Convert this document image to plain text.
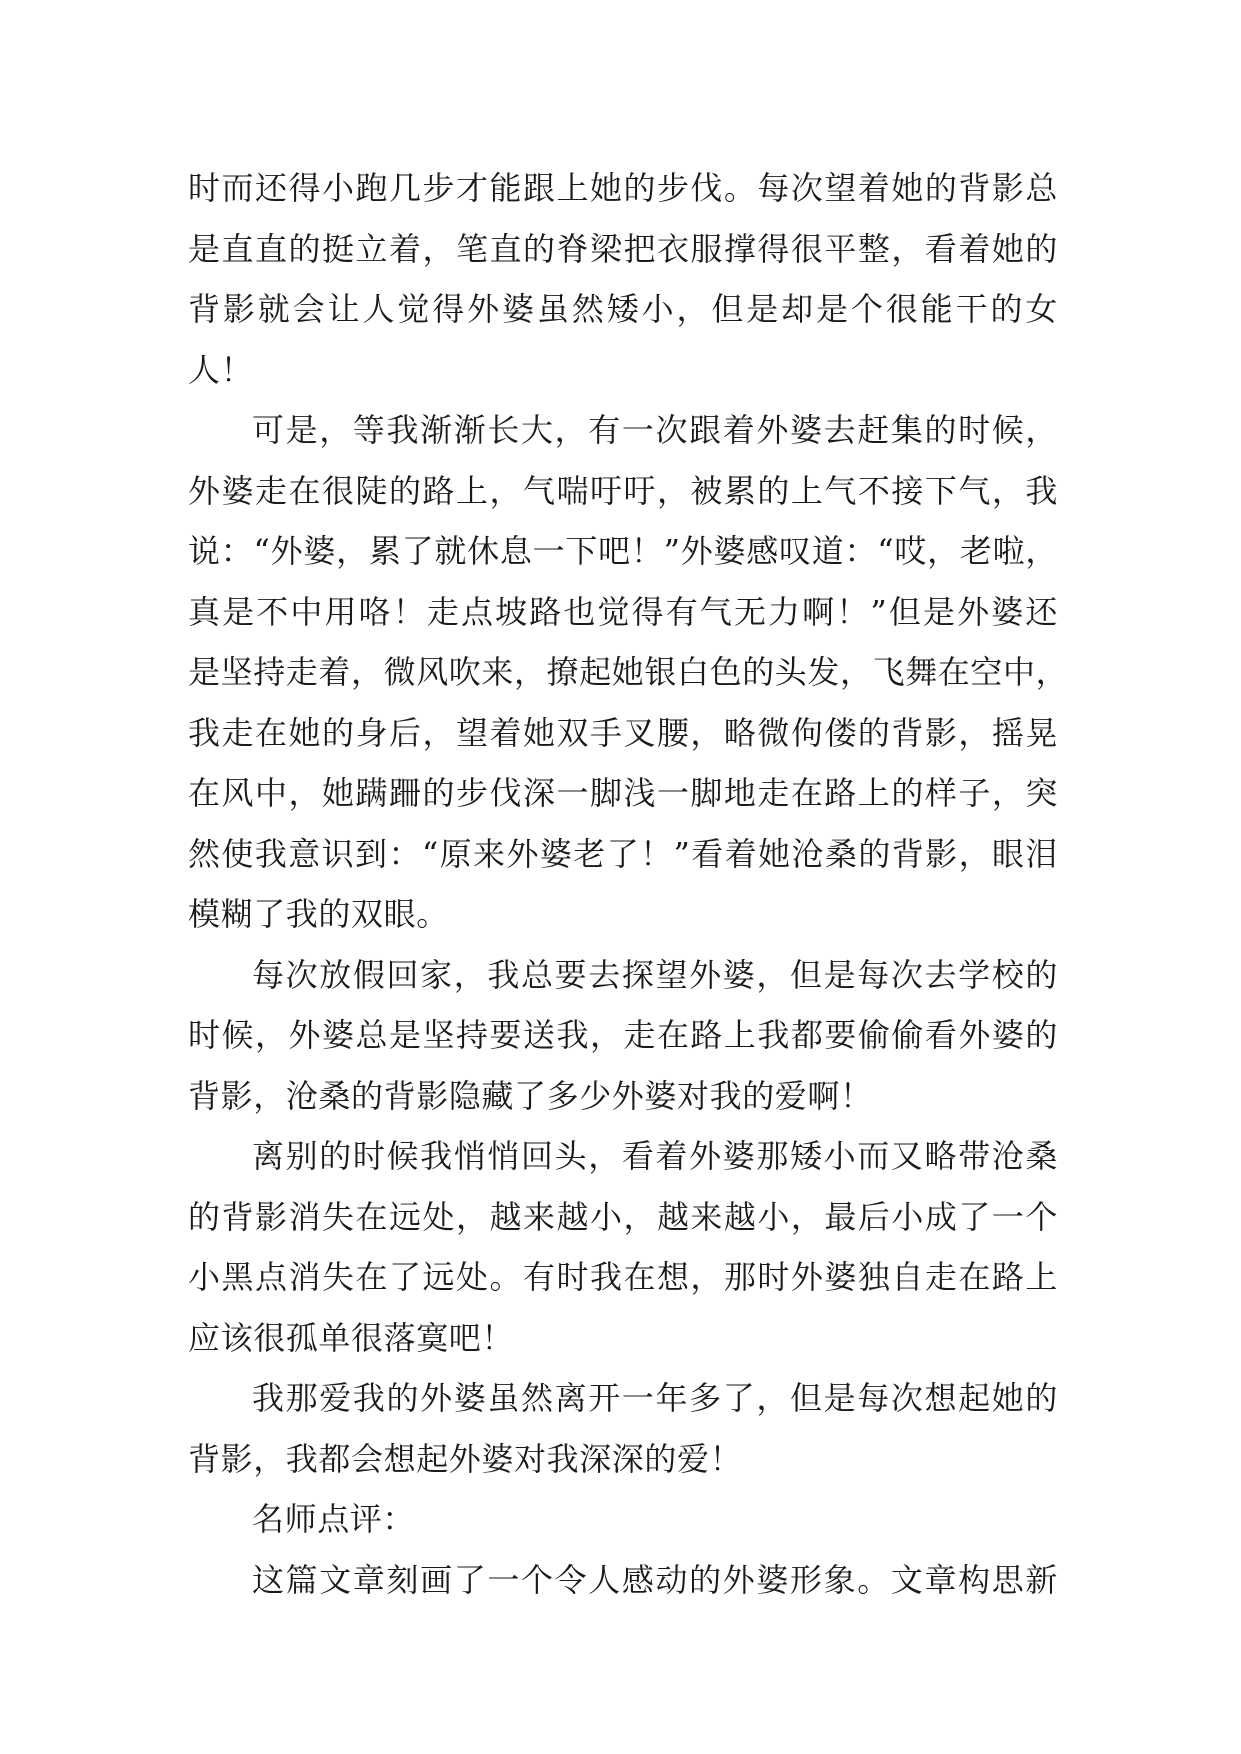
时而还得小跑几步才能跟上她的步伐。每次望着她的背影总
是直直的挺立着，笔直的脊梁把衣服撑得很平整，看着她的
背影就会让人觉得外婆虽然矮小，但是却是个很能干的女
人！
可是，等我渐渐长大，有一次跟着外婆去赶集的时候，
外婆走在很陡的路上，气喘吁吁，被累的上气不接下气，我
说：“外婆，累了就休息一下吧！”外婆感叹道：“哎，老啦，
真是不中用咯！走点坡路也觉得有气无力啊！”但是外婆还
是坚持走着，微风吹来，撩起她银白色的头发，飞舞在空中，
我走在她的身后，望着她双手叉腰，略微佝偻的背影，摇晃
在风中，她蹒跚的步伐深一脚浅一脚地走在路上的样子，突
然使我意识到：“原来外婆老了！”看着她沧桑的背影，眼泪
模糊了我的双眼。
每次放假回家，我总要去探望外婆，但是每次去学校的
时候，外婆总是坚持要送我，走在路上我都要偷偷看外婆的
背影，沧桑的背影隐藏了多少外婆对我的爱啊！
离别的时候我悄悄回头，看着外婆那矮小而又略带沧桑
的背影消失在远处，越来越小，越来越小，最后小成了一个
小黑点消失在了远处。有时我在想，那时外婆独自走在路上
应该很孤单很落寞吧！
我那爱我的外婆虽然离开一年多了，但是每次想起她的
背影，我都会想起外婆对我深深的爱！
名师点评：
这篇文章刻画了一个令人感动的外婆形象。文章构思新
